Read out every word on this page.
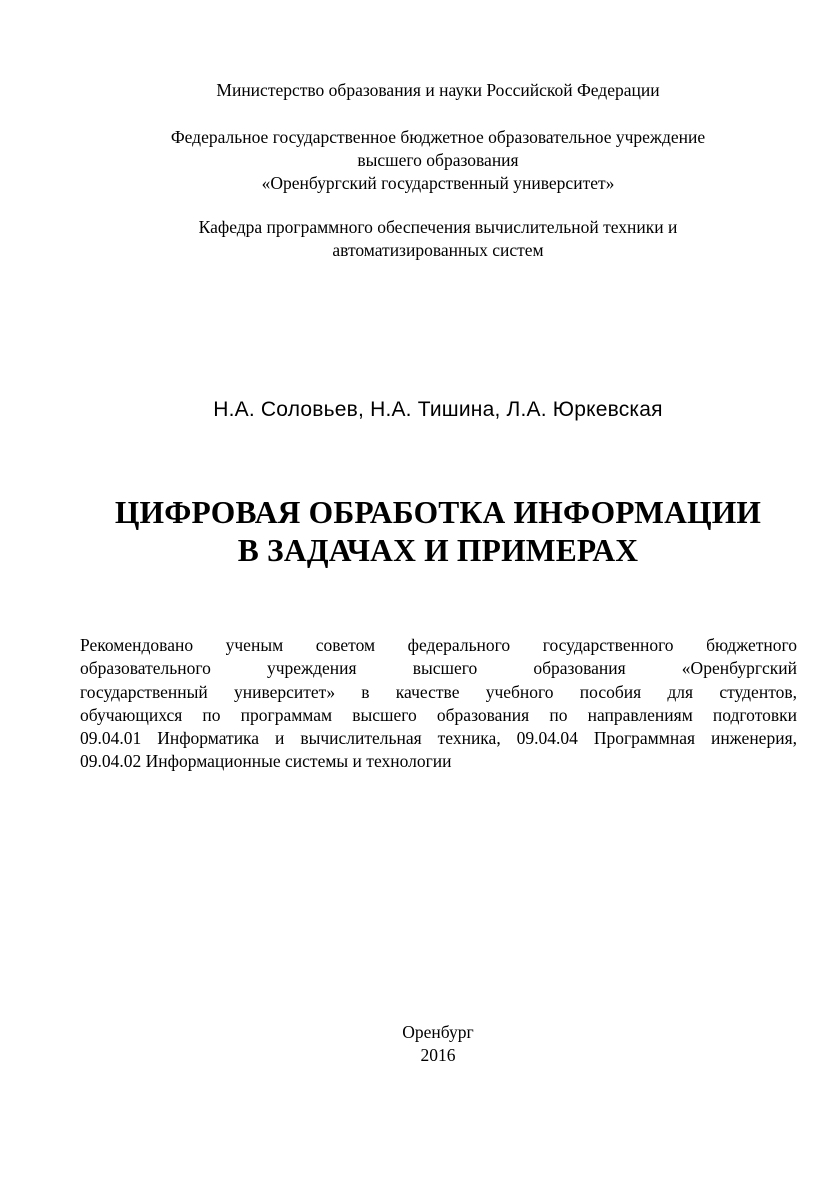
Министерство образования и науки Российской Федерации
Федеральное государственное бюджетное образовательное учреждение
высшего образования
«Оренбургский государственный университет»
Кафедра программного обеспечения вычислительной техники и
автоматизированных систем
Н.А. Соловьев, Н.А. Тишина, Л.А. Юркевская
ЦИФРОВАЯ ОБРАБОТКА ИНФОРМАЦИИ
В ЗАДАЧАХ И ПРИМЕРАХ
Рекомендовано ученым советом федерального государственного бюджетного
образовательного учреждения высшего образования «Оренбургский
государственный университет» в качестве учебного пособия для студентов,
обучающихся по программам высшего образования по направлениям подготовки
09.04.01 Информатика и вычислительная техника, 09.04.04 Программная инженерия,
09.04.02 Информационные системы и технологии
Оренбург
2016
